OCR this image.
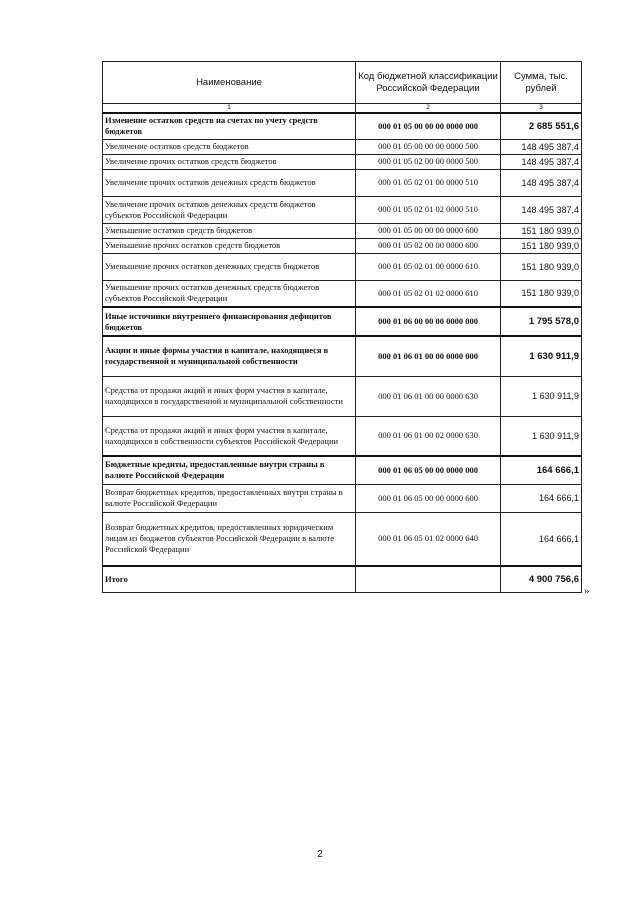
Наименование	Код бюджетной классификации Российской Федерации	Сумма, тыс. рублей
1	2	3
Изменение остатков средств на счетах по учету средств бюджетов	000 01 05 00 00 00 0000 000	2 685 551,6
Увеличение остатков средств бюджетов	000 01 05 00 00 00 0000 500	148 495 387,4
Увеличение прочих остатков средств бюджетов	000 01 05 02 00 00 0000 500	148 495 387,4
Увеличение прочих остатков денежных средств бюджетов	000 01 05 02 01 00 0000 510	148 495 387,4
Увеличение прочих остатков денежных средств бюджетов субъектов Российской Федерации	000 01 05 02 01 02 0000 510	148 495 387,4
Уменьшение остатков средств бюджетов	000 01 05 00 00 00 0000 600	151 180 939,0
Уменьшение прочих остатков средств бюджетов	000 01 05 02 00 00 0000 600	151 180 939,0
Уменьшение прочих остатков денежных средств бюджетов	000 01 05 02 01 00 0000 610	151 180 939,0
Уменьшение прочих остатков денежных средств бюджетов субъектов Российской Федерации	000 01 05 02 01 02 0000 610	151 180 939,0
Иные источники внутреннего финансирования дефицитов бюджетов	000 01 06 00 00 00 0000 000	1 795 578,0
Акции и иные формы участия в капитале, находящиеся в государственной и муниципальной собственности	000 01 06 01 00 00 0000 000	1 630 911,9
Средства от продажи акций и иных форм участия в капитале, находящихся в государственной и муниципальной собственности	000 01 06 01 00 00 0000 630	1 630 911,9
Средства от продажи акций и иных форм участия в капитале, находящихся в собственности субъектов Российской Федерации	000 01 06 01 00 02 0000 630	1 630 911,9
Бюджетные кредиты, предоставленные внутри страны в валюте Российской Федерации	000 01 06 05 00 00 0000 000	164 666,1
Возврат бюджетных кредитов, предоставленных внутри страны в валюте Российской Федерации	000 01 06 05 00 00 0000 600	164 666,1
Возврат бюджетных кредитов, предоставленных юридическим лицам из бюджетов субъектов Российской Федерации в валюте Российской Федерации	000 01 06 05 01 02 0000 640	164 666,1
Итого		4 900 756,6
»
2
